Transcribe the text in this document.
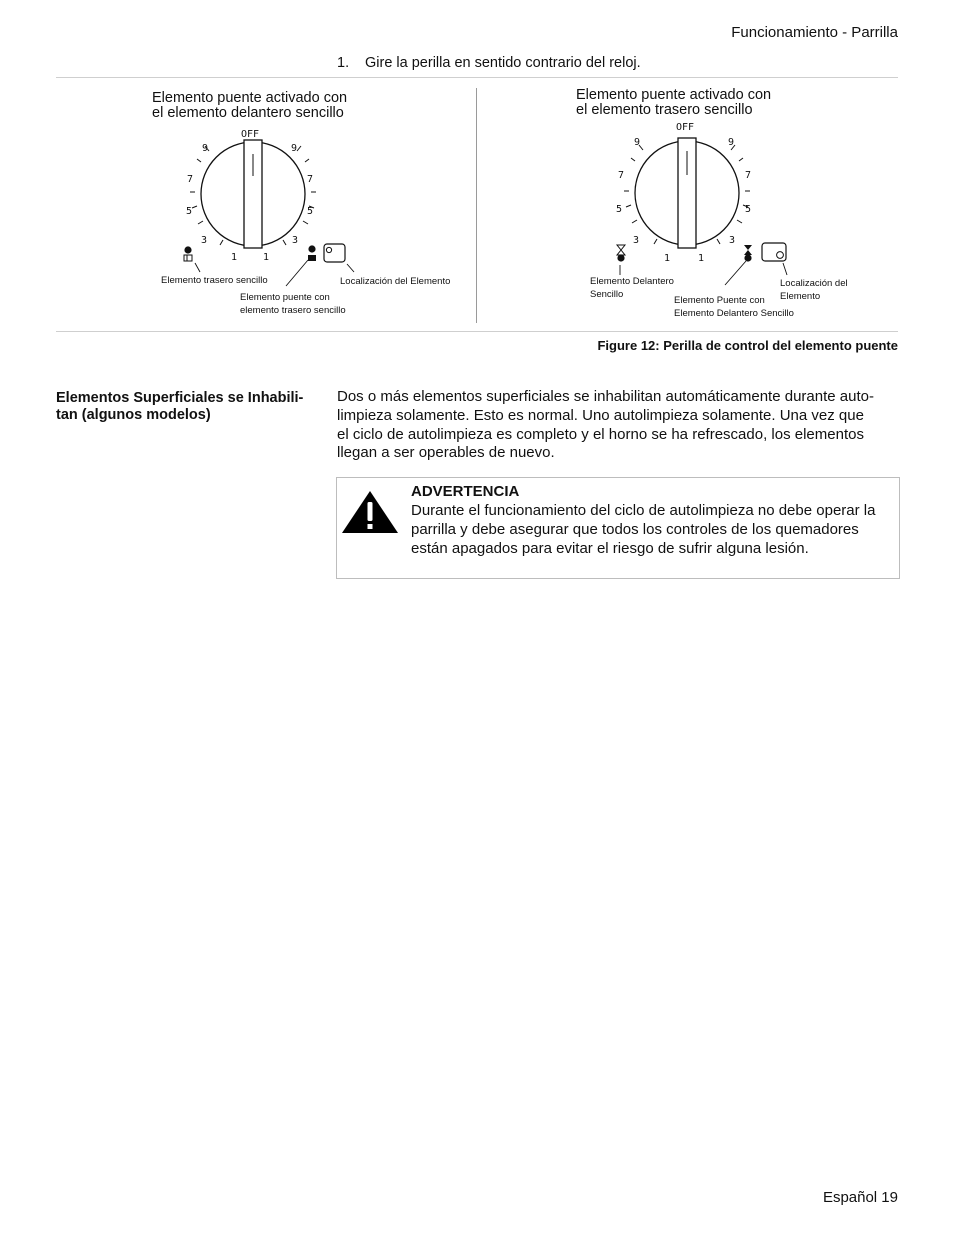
Funcionamiento - Parrilla
1. Gire la perilla en sentido contrario del reloj.
Elemento puente activado con
el elemento delantero sencillo
OFF
9
7
5
3
1	1
3
5
7
9
Elemento trasero sencillo	Localización del Elemento
Elemento puente con
elemento trasero sencillo
Elemento puente activado con
el elemento trasero sencillo
OFF
9
7
5
3
1	1
3
5
7
9
Elemento Delantero
Sencillo
Elemento Puente con
Elemento Delantero Sencillo
Localización del
Elemento
Figure 12: Perilla de control del elemento puente
Elementos Superficiales se Inhabili-
tan (algunos modelos)
Dos o más elementos superficiales se inhabilitan automáticamente durante auto-
limpieza solamente. Esto es normal. Uno autolimpieza solamente. Una vez que
el ciclo de autolimpieza es completo y el horno se ha refrescado, los elementos
llegan a ser operables de nuevo.
ADVERTENCIA
Durante el funcionamiento del ciclo de autolimpieza no debe operar la
parrilla y debe asegurar que todos los controles de los quemadores
están apagados para evitar el riesgo de sufrir alguna lesión.
Español 19
